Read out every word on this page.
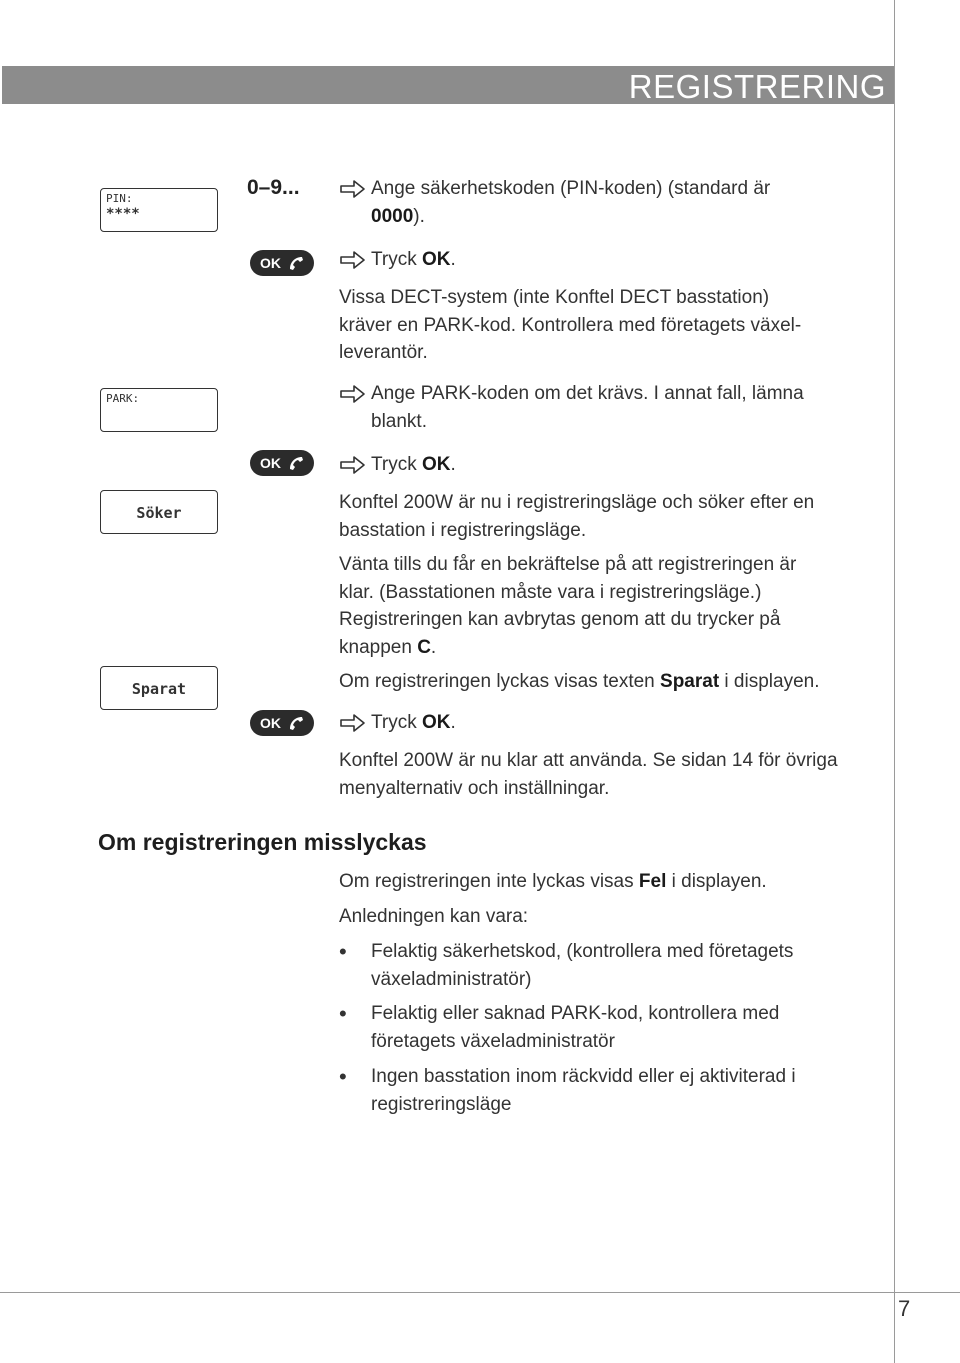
REGISTRERING
PIN:
****
PARK:
Söker
Sparat
0–9...
OK
OK
OK
Ange säkerhetskoden (PIN-koden) (standard är 0000).
Tryck OK.
Vissa DECT-system (inte Konftel DECT basstation) kräver en PARK-kod. Kontrollera med företagets växel-leverantör.
Ange PARK-koden om det krävs. I annat fall, lämna blankt.
Tryck OK.
Konftel 200W är nu i registreringsläge och söker efter en basstation i registreringsläge.
Vänta tills du får en bekräftelse på att registreringen är klar. (Basstationen måste vara i registreringsläge.) Registreringen kan avbrytas genom att du trycker på
knappen C.
Om registreringen lyckas visas texten Sparat i displayen.
Tryck OK.
Konftel 200W är nu klar att använda. Se sidan 14 för övriga menyalternativ och inställningar.
Om registreringen misslyckas
Om registreringen inte lyckas visas Fel i displayen.
Anledningen kan vara:
• Felaktig säkerhetskod, (kontrollera med företagets växeladministratör)
• Felaktig eller saknad PARK-kod, kontrollera med företagets växeladministratör
• Ingen basstation inom räckvidd eller ej aktiviterad i registreringsläge
7
